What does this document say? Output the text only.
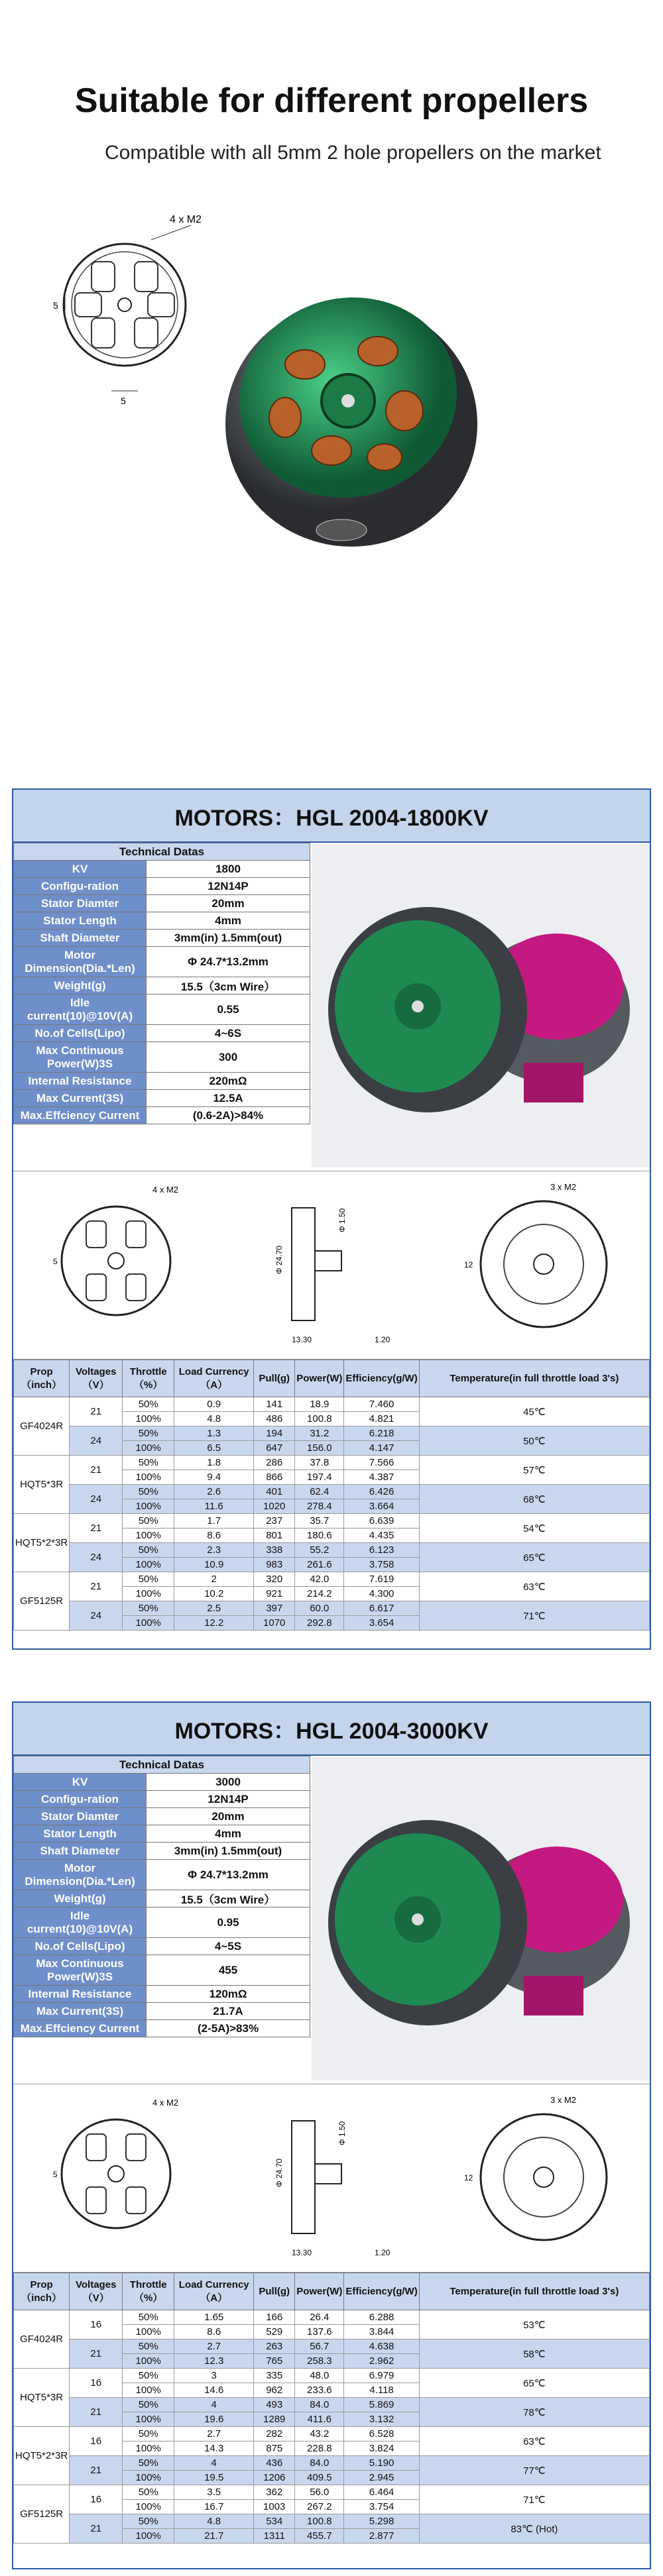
Suitable for different propellers
Compatible with all 5mm 2 hole propellers on the market
4 x M2
5
5
MOTORS：HGL 2004-1800KV
Technical Datas	
KV	1800
Configu-ration	12N14P
Stator Diamter	20mm
Stator Length	4mm
Shaft Diameter	3mm(in) 1.5mm(out)
Motor Dimension(Dia.*Len)	Φ 24.7*13.2mm
Weight(g)	15.5（3cm Wire）
Idle current(10)@10V(A)	0.55
No.of Cells(Lipo)	4~6S
Max Continuous Power(W)3S	300
Internal Resistance	220mΩ
Max Current(3S)	12.5A
Max.Effciency Current	(0.6-2A)>84%
4 x M2
5	Φ 24.70
Φ 1.50
13.30	1.20
3 x M2
12
Prop（inch）	Voltages（V）	Throttle（%）	Load Currency（A）	Pull(g)	Power(W)	Efficiency(g/W)	Temperature(in full throttle load 3's)
GF4024R	21	50%	0.9	141	18.9	7.460	45℃
		100%	4.8	486	100.8	4.821	
	24	50%	1.3	194	31.2	6.218	50℃
		100%	6.5	647	156.0	4.147	
HQT5*3R	21	50%	1.8	286	37.8	7.566	57℃
		100%	9.4	866	197.4	4.387	
	24	50%	2.6	401	62.4	6.426	68℃
		100%	11.6	1020	278.4	3.664	
HQT5*2*3R	21	50%	1.7	237	35.7	6.639	54℃
		100%	8.6	801	180.6	4.435	
	24	50%	2.3	338	55.2	6.123	65℃
		100%	10.9	983	261.6	3.758	
GF5125R	21	50%	2	320	42.0	7.619	63℃
		100%	10.2	921	214.2	4.300	
	24	50%	2.5	397	60.0	6.617	71℃
		100%	12.2	1070	292.8	3.654	
MOTORS：HGL 2004-3000KV
Technical Datas	
KV	3000
Configu-ration	12N14P
Stator Diamter	20mm
Stator Length	4mm
Shaft Diameter	3mm(in) 1.5mm(out)
Motor Dimension(Dia.*Len)	Φ 24.7*13.2mm
Weight(g)	15.5（3cm Wire）
Idle current(10)@10V(A)	0.95
No.of Cells(Lipo)	4~5S
Max Continuous Power(W)3S	455
Internal Resistance	120mΩ
Max Current(3S)	21.7A
Max.Effciency Current	(2-5A)>83%
4 x M2
5	Φ 24.70
Φ 1.50
13.30	1.20
3 x M2
12
Prop（inch）	Voltages（V）	Throttle（%）	Load Currency（A）	Pull(g)	Power(W)	Efficiency(g/W)	Temperature(in full throttle load 3's)
GF4024R	16	50%	1.65	166	26.4	6.288	53℃
		100%	8.6	529	137.6	3.844	
	21	50%	2.7	263	56.7	4.638	58℃
		100%	12.3	765	258.3	2.962	
HQT5*3R	16	50%	3	335	48.0	6.979	65℃
		100%	14.6	962	233.6	4.118	
	21	50%	4	493	84.0	5.869	78℃
		100%	19.6	1289	411.6	3.132	
HQT5*2*3R	16	50%	2.7	282	43.2	6.528	63℃
		100%	14.3	875	228.8	3.824	
	21	50%	4	436	84.0	5.190	77℃
		100%	19.5	1206	409.5	2.945	
GF5125R	16	50%	3.5	362	56.0	6.464	71℃
		100%	16.7	1003	267.2	3.754	
	21	50%	4.8	534	100.8	5.298	83℃ (Hot)
		100%	21.7	1311	455.7	2.877	
